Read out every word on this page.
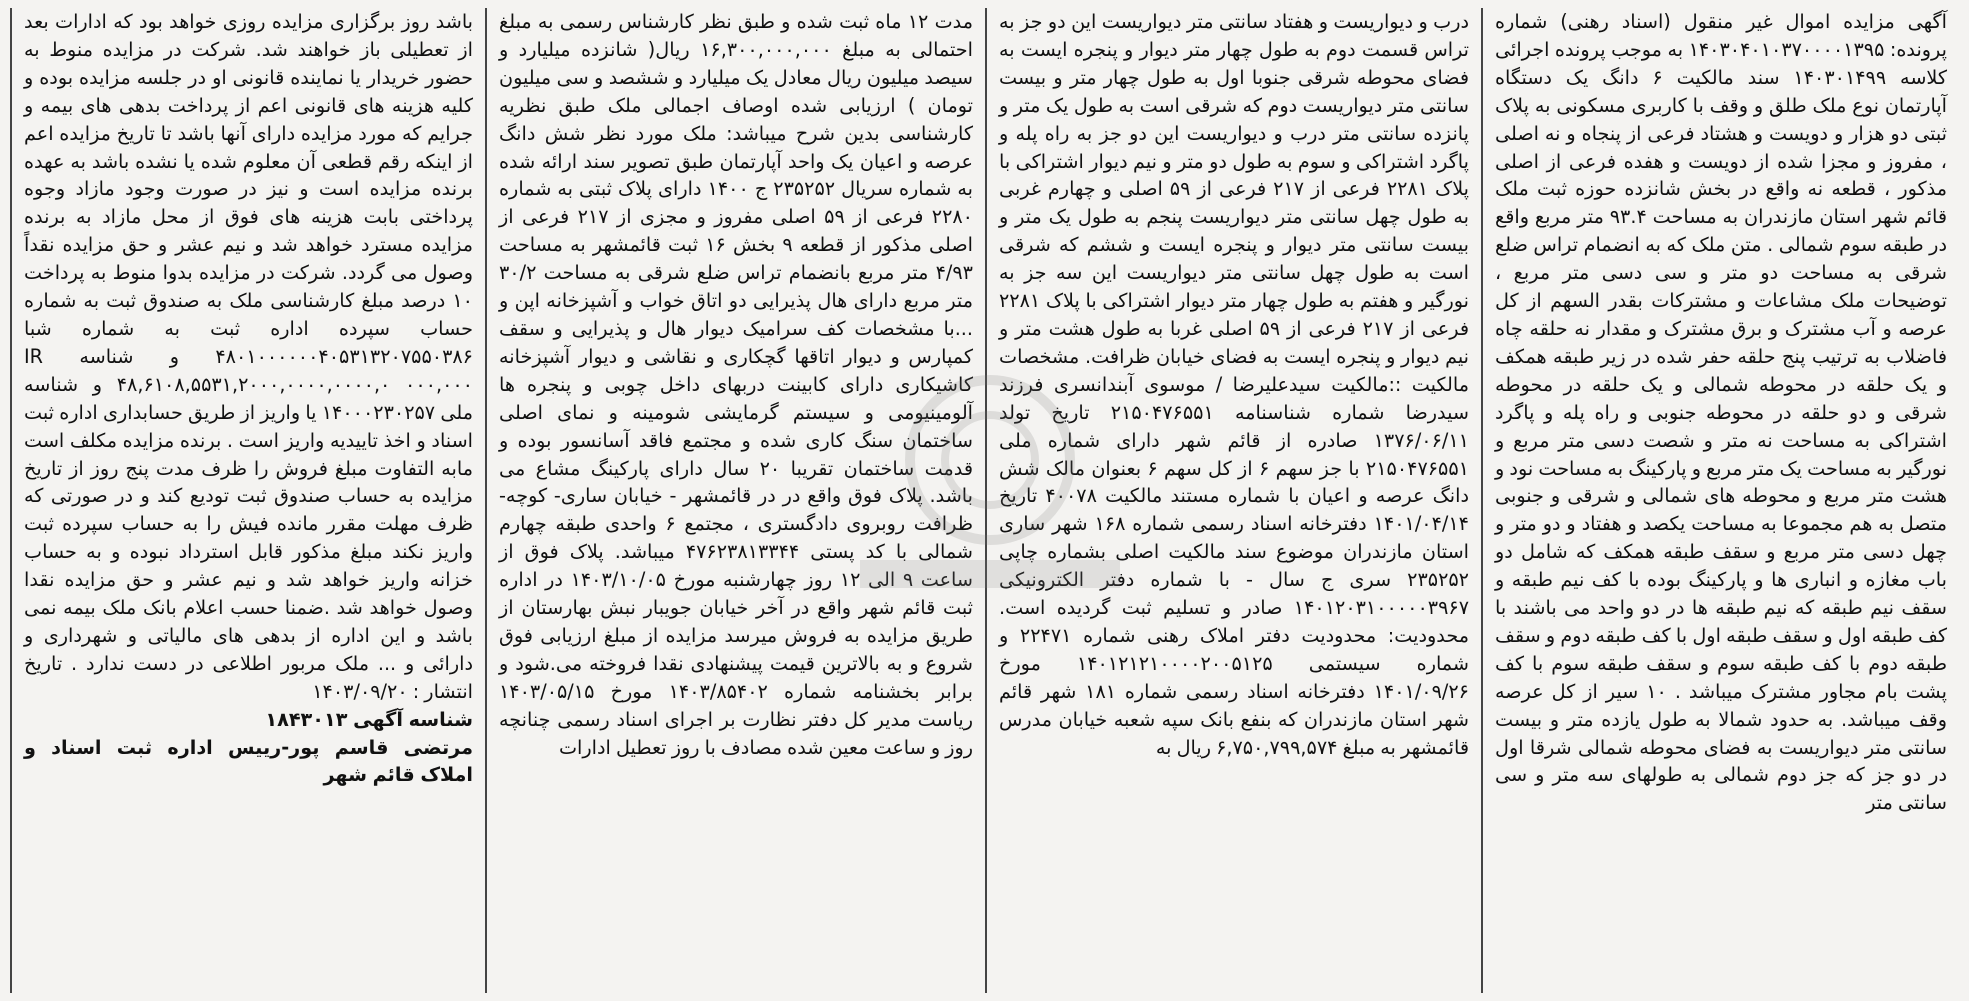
آگهی مزایده اموال غیر منقول (اسناد رهنی) شماره پرونده: ۱۴۰۳۰۴۰۱۰۳۷۰۰۰۰۱۳۹۵ به موجب پرونده اجرائی کلاسه ۱۴۰۳۰۱۴۹۹ سند مالکیت ۶ دانگ یک دستگاه آپارتمان نوع ملک طلق و وقف با کاربری مسکونی به پلاک ثبتی دو هزار و دویست و هشتاد فرعی از پنجاه و نه اصلی ، مفروز و مجزا شده از دویست و هفده فرعی از اصلی مذکور ، قطعه نه واقع در بخش شانزده حوزه ثبت ملک قائم شهر استان مازندران به مساحت ۹۳.۴ متر مربع واقع در طبقه سوم شمالی . متن ملک که به انضمام تراس ضلع شرقی به مساحت دو متر و سی دسی متر مربع ، توضیحات ملک مشاعات و مشترکات بقدر السهم از کل عرصه و آب مشترک و برق مشترک و مقدار نه حلقه چاه فاضلاب به ترتیب پنج حلقه حفر شده در زیر طبقه همکف و یک حلقه در محوطه شمالی و یک حلقه در محوطه شرقی و دو حلقه در محوطه جنوبی و راه پله و پاگرد اشتراکی به مساحت نه متر و شصت دسی متر مربع و نورگیر به مساحت یک متر مربع و پارکینگ به مساحت نود و هشت متر مربع و محوطه های شمالی و شرقی و جنوبی متصل به هم مجموعا به مساحت یکصد و هفتاد و دو متر و چهل دسی متر مربع و سقف طبقه همکف که شامل دو باب مغازه و انباری ها و پارکینگ بوده با کف نیم طبقه و سقف نیم طبقه که نیم طبقه ها در دو واحد می باشند با کف طبقه اول و سقف طبقه اول با کف طبقه دوم و سقف طبقه دوم با کف طبقه سوم و سقف طبقه سوم با کف پشت بام مجاور مشترک میباشد . ۱۰ سیر از کل عرصه وقف میباشد. به حدود شمالا به طول یازده متر و بیست سانتی متر دیواریست به فضای محوطه شمالی شرقا اول در دو جز که جز دوم شمالی به طولهای سه متر و سی سانتی متر

درب و دیواریست و هفتاد سانتی متر دیواریست این دو جز به تراس قسمت دوم به طول چهار متر دیوار و پنجره ایست به فضای محوطه شرقی جنوبا اول به طول چهار متر و بیست سانتی متر دیواریست دوم که شرقی است به طول یک متر و پانزده سانتی متر درب و دیواریست این دو جز به راه پله و پاگرد اشتراکی و سوم به طول دو متر و نیم دیوار اشتراکی با پلاک ۲۲۸۱ فرعی از ۲۱۷ فرعی از ۵۹ اصلی و چهارم غربی به طول چهل سانتی متر دیواریست پنجم به طول یک متر و بیست سانتی متر دیوار و پنجره ایست و ششم که شرقی است به طول چهل سانتی متر دیواریست این سه جز به نورگیر و هفتم به طول چهار متر دیوار اشتراکی با پلاک ۲۲۸۱ فرعی از ۲۱۷ فرعی از ۵۹ اصلی غربا به طول هشت متر و نیم دیوار و پنجره ایست به فضای خیابان ظرافت. مشخصات مالکیت ::مالکیت سیدعلیرضا / موسوی آبندانسری فرزند سیدرضا شماره شناسنامه ۲۱۵۰۴۷۶۵۵۱ تاریخ تولد ۱۳۷۶/۰۶/۱۱ صادره از قائم شهر دارای شماره ملی ۲۱۵۰۴۷۶۵۵۱ با جز سهم ۶ از کل سهم ۶ بعنوان مالک شش دانگ عرصه و اعیان با شماره مستند مالکیت ۴۰۰۷۸ تاریخ ۱۴۰۱/۰۴/۱۴ دفترخانه اسناد رسمی شماره ۱۶۸ شهر ساری استان مازندران موضوع سند مالکیت اصلی بشماره چاپی ۲۳۵۲۵۲ سری ج سال - با شماره دفتر الکترونیکی ۱۴۰۱۲۰۳۱۰۰۰۰۰۳۹۶۷ صادر و تسلیم ثبت گردیده است. محدودیت: محدودیت دفتر املاک رهنی شماره ۲۲۴۷۱ و شماره سیستمی ۱۴۰۱۲۱۲۱۰۰۰۰۲۰۰۵۱۲۵ مورخ ۱۴۰۱/۰۹/۲۶ دفترخانه اسناد رسمی شماره ۱۸۱ شهر قائم شهر استان مازندران که بنفع بانک سپه شعبه خیابان مدرس قائمشهر به مبلغ ۶,۷۵۰,۷۹۹,۵۷۴ ریال به

مدت ۱۲ ماه ثبت شده و طبق نظر کارشناس رسمی به مبلغ احتمالی به مبلغ ۱۶,۳۰۰,۰۰۰,۰۰۰ ریال( شانزده میلیارد و سیصد میلیون ریال معادل یک میلیارد و ششصد و سی میلیون تومان ) ارزیابی شده اوصاف اجمالی ملک طبق نظریه کارشناسی بدین شرح میباشد: ملک مورد نظر شش دانگ عرصه و اعیان یک واحد آپارتمان طبق تصویر سند ارائه شده به شماره سریال ۲۳۵۲۵۲ ج ۱۴۰۰ دارای پلاک ثبتی به شماره ۲۲۸۰ فرعی از ۵۹ اصلی مفروز و مجزی از ۲۱۷ فرعی از اصلی مذکور از قطعه ۹ بخش ۱۶ ثبت قائمشهر به مساحت ۴/۹۳ متر مربع بانضمام تراس ضلع شرقی به مساحت ۳۰/۲ متر مربع دارای هال پذیرایی دو اتاق خواب و آشپزخانه اپن و ...با مشخصات کف سرامیک دیوار هال و پذیرایی و سقف کمپارس و دیوار اتاقها گچکاری و نقاشی و دیوار آشپزخانه کاشیکاری دارای کابینت دربهای داخل چوبی و پنجره ها آلومینیومی و سیستم گرمایشی شومینه و نمای اصلی ساختمان سنگ کاری شده و مجتمع فاقد آسانسور بوده و قدمت ساختمان تقریبا ۲۰ سال دارای پارکینگ مشاع می باشد. پلاک فوق واقع در در قائمشهر - خیابان ساری- کوچه- ظرافت روبروی دادگستری ، مجتمع ۶ واحدی طبقه چهارم شمالی با کد پستی ۴۷۶۲۳۸۱۳۳۴۴ میباشد. پلاک فوق از ساعت ۹ الی ۱۲ روز چهارشنبه مورخ ۱۴۰۳/۱۰/۰۵ در اداره ثبت قائم شهر واقع در آخر خیابان جویبار نبش بهارستان از طریق مزایده به فروش میرسد مزایده از مبلغ ارزیابی فوق شروع و به بالاترین قیمت پیشنهادی نقدا فروخته می.شود و برابر بخشنامه شماره ۱۴۰۳/۸۵۴۰۲ مورخ ۱۴۰۳/۰۵/۱۵ ریاست مدیر کل دفتر نظارت بر اجرای اسناد رسمی چنانچه روز و ساعت معین شده مصادف با روز تعطیل ادارات

باشد روز برگزاری مزایده روزی خواهد بود که ادارات بعد از تعطیلی باز خواهند شد. شرکت در مزایده منوط به حضور خریدار یا نماینده قانونی او در جلسه مزایده بوده و کلیه هزینه های قانونی اعم از پرداخت بدهی های بیمه و جرایم که مورد مزایده دارای آنها باشد تا تاریخ مزایده اعم از اینکه رقم قطعی آن معلوم شده یا نشده باشد به عهده برنده مزایده است و نیز در صورت وجود مازاد وجوه پرداختی بابت هزینه های فوق از محل مازاد به برنده مزایده مسترد خواهد شد و نیم عشر و حق مزایده نقداً وصول می گردد. شرکت در مزایده بدوا منوط به پرداخت ۱۰ درصد مبلغ کارشناسی ملک به صندوق ثبت به شماره حساب سپرده اداره ثبت به شماره شبا ۴۸۰۱۰۰۰۰۰۰۴۰۵۳۱۳۲۰۷۵۵۰۳۸۶ و شناسه IR ۴۸,۶۱۰۸,۵۵۳۱,۲۰۰۰,۰۰۰۰,۰۰۰۰,۰ ۰۰۰,۰۰۰ و شناسه ملی ۱۴۰۰۰۲۳۰۲۵۷ یا واریز از طریق حسابداری اداره ثبت اسناد و اخذ تاییدیه واریز است . برنده مزایده مکلف است مابه التفاوت مبلغ فروش را ظرف مدت پنج روز از تاریخ مزایده به حساب صندوق ثبت تودیع کند و در صورتی که ظرف مهلت مقرر مانده فیش را به حساب سپرده ثبت واریز نکند مبلغ مذکور قابل استرداد نبوده و به حساب خزانه واریز خواهد شد و نیم عشر و حق مزایده نقدا وصول خواهد شد .ضمنا حسب اعلام بانک ملک بیمه نمی باشد و این اداره از بدهی های مالیاتی و شهرداری و دارائی و ... ملک مربور اطلاعی در دست ندارد . تاریخ انتشار : ۱۴۰۳/۰۹/۲۰

شناسه آگهی ۱۸۴۳۰۱۳

مرتضی قاسم پور-رییس اداره ثبت اسناد و املاک قائم شهر
